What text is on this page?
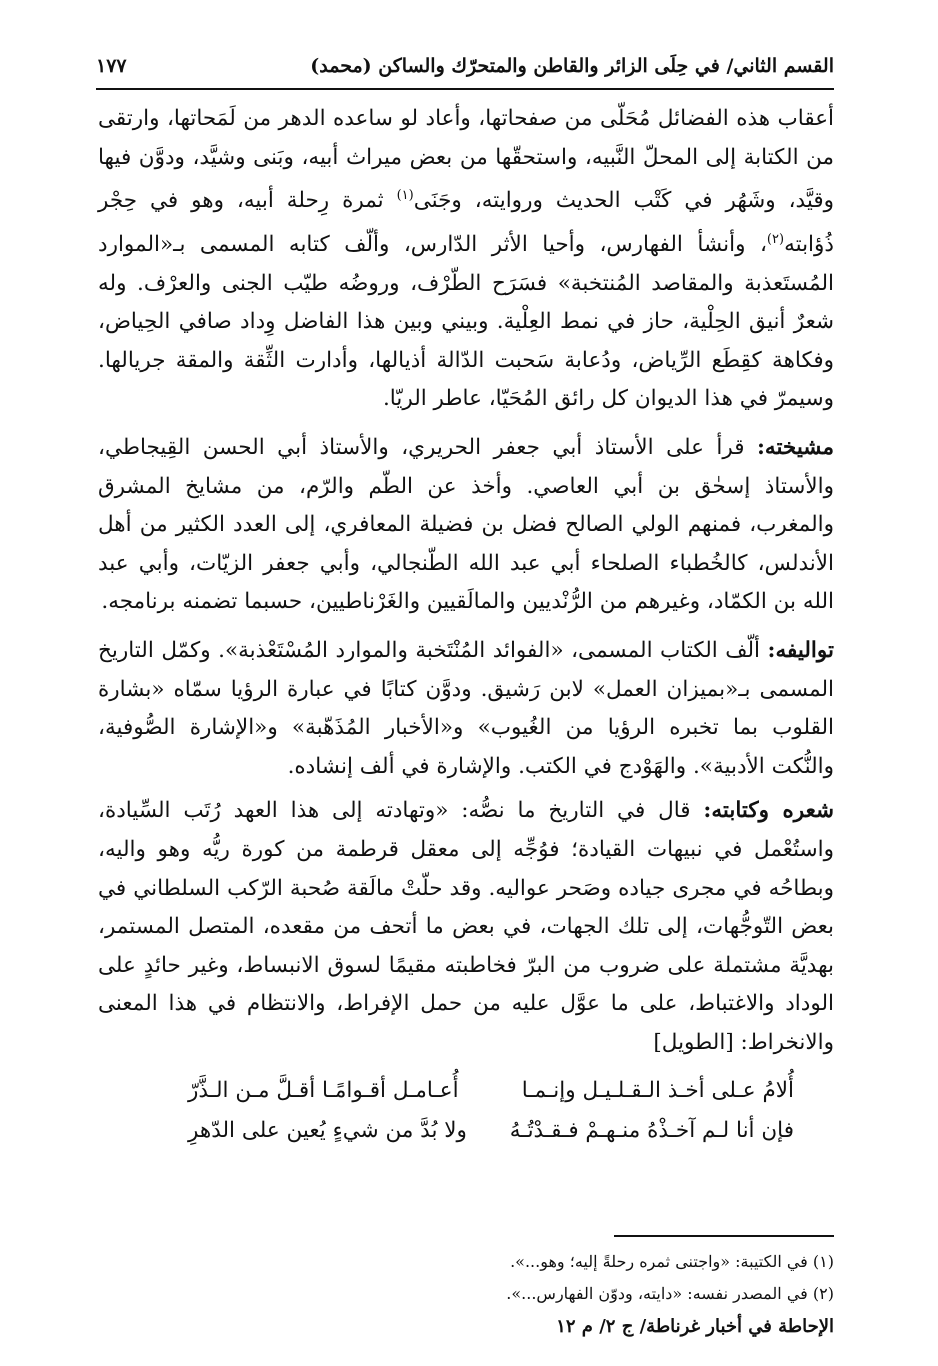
القسم الثاني/ في حِلَى الزائر والقاطن والمتحرّك والساكن (محمد)
١٧٧

أعقاب هذه الفضائل مُحَلّى من صفحاتها، وأعاد لو ساعده الدهر من لَمَحاتها، وارتقى من الكتابة إلى المحلّ النَّبيه، واستحقّها من بعض ميراث أبيه، وبَنى وشيَّد، ودوَّن فيها وقيَّد، وشَهُر في كَتْب الحديث وروايته، وجَنَى$^{(١)}$ ثمرة رِحلة أبيه، وهو في حِجْر ذُؤابته$^{(٢)}$، وأنشأ الفهارس، وأحيا الأثر الدّارس، وألّف كتابه المسمى بـ«الموارد المُستَعذبة والمقاصد المُنتخبة» فسَرَح الطّرْف، وروضُه طيّب الجنى والعرْف. وله شعرٌ أنيق الحِلْية، حاز في نمط العِلْية. وبيني وبين هذا الفاضل وِداد صافي الحِياض، وفكاهة كقِطَع الرِّياض، ودُعابة سَحبت الدّالة أذيالها، وأدارت الثِّقة والمقة جريالها. وسيمرّ في هذا الديوان كل رائق المُحَيّا، عاطر الريّا.

مشيخته: قرأ على الأستاذ أبي جعفر الحريري، والأستاذ أبي الحسن القِيجاطي، والأستاذ إسحٰق بن أبي العاصي. وأخذ عن الطّم والرّم، من مشايخ المشرق والمغرب، فمنهم الولي الصالح فضل بن فضيلة المعافري، إلى العدد الكثير من أهل الأندلس، كالخُطباء الصلحاء أبي عبد الله الطّنجالي، وأبي جعفر الزيّات، وأبي عبد الله بن الكمّاد، وغيرهم من الرُّنْديين والمالَقيين والغَرْناطيين، حسبما تضمنه برنامجه.

تواليفه: ألّف الكتاب المسمى، «الفوائد المُنْتَخبة والموارد المُسْتَعْذبة». وكمّل التاريخ المسمى بـ«بميزان العمل» لابن رَشيق. ودوَّن كتابًا في عبارة الرؤيا سمّاه «بشارة القلوب بما تخبره الرؤيا من الغُيوب» و«الأخبار المُذَهّبة» و«الإشارة الصُّوفية، والنُّكت الأدبية». والهَوْدج في الكتب. والإشارة في ألف إنشاده.

شعره وكتابته: قال في التاريخ ما نصُّه: «وتهادته إلى هذا العهد رُتَب السِّيادة، واستُعْمل في نبيهات القيادة؛ فوُجِّه إلى معقل قرطمة من كورة ريُّه وهو واليه، وبطاحُه في مجرى جياده وصَحر عواليه. وقد حلّتْ مالَقة صُحبة الرّكب السلطاني في بعض التّوجُّهات، إلى تلك الجهات، في بعض ما أتحف من مقعده، المتصل المستمر، بهديَّة مشتملة على ضروب من البرّ فخاطبته مقيمًا لسوق الانبساط، وغير حائدٍ على الوداد والاغتباط، على ما عوَّل عليه من حمل الإفراط، والانتظام في هذا المعنى والانخراط: [الطويل]

أُلامُ عـلى أخـذ الـقـلـيـل وإنـمـا
أُعـامـل أقـوامًـا أقـلَّ مـن الـذَّرّ
فإن أنا لـم آخـذْهُ منـهـمْ فـقـدْتُـهُ
ولا بُدَّ من شيءٍ يُعين على الدّهرِ
(١) في الكتيبة: «واجتنى ثمره رحلةً إليه؛ وهو...».
(٢) في المصدر نفسه: «دايته، ودوّن الفهارس...».
الإحاطة في أخبار غرناطة/ ج ٢/ م ١٢
